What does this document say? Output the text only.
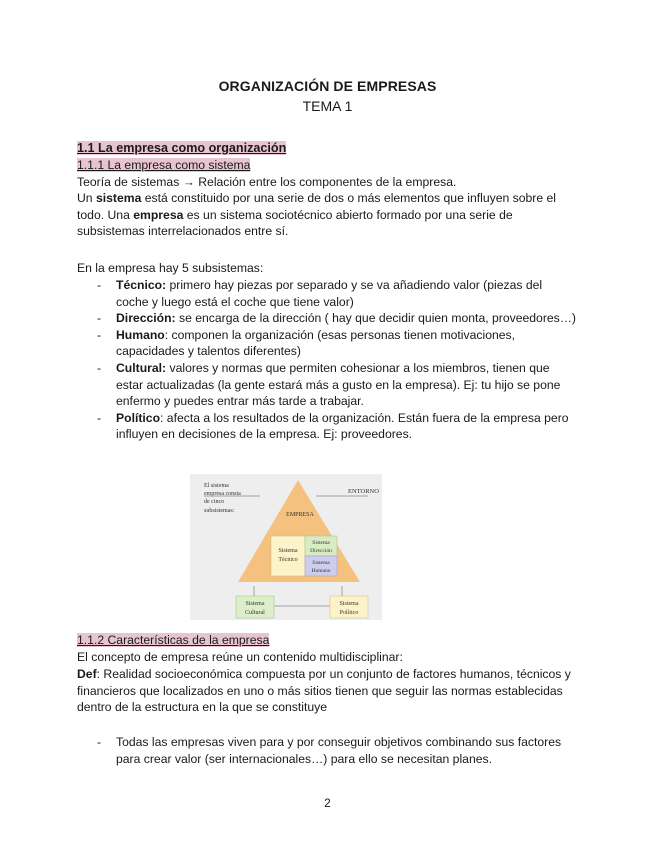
ORGANIZACIÓN DE EMPRESAS
TEMA 1
1.1 La empresa como organización
1.1.1 La empresa como sistema
Teoría de sistemas → Relación entre los componentes de la empresa.
Un sistema está constituido por una serie de dos o más elementos que influyen sobre el todo. Una empresa es un sistema sociotécnico abierto formado por una serie de subsistemas interrelacionados entre sí.
En la empresa hay 5 subsistemas:
- Técnico: primero hay piezas por separado y se va añadiendo valor (piezas del coche y luego está el coche que tiene valor)
- Dirección: se encarga de la dirección ( hay que decidir quien monta, proveedores…)
- Humano: componen la organización (esas personas tienen motivaciones, capacidades y talentos diferentes)
- Cultural: valores y normas que permiten cohesionar a los miembros, tienen que estar actualizadas (la gente estará más a gusto en la empresa). Ej: tu hijo se pone enfermo y puedes entrar más tarde a trabajar.
- Político: afecta a los resultados de la organización. Están fuera de la empresa pero influyen en decisiones de la empresa. Ej: proveedores.
El sistema
empresa consta
de cinco
subsistemas:
ENTORNO
EMPRESA
Sistema
Técnico
Sistema
Dirección
Sistema
Humano
Sistema
Cultural
Sistema
Político
1.1.2 Características de la empresa
El concepto de empresa reúne un contenido multidisciplinar:
Def: Realidad socioeconómica compuesta por un conjunto de factores humanos, técnicos y financieros que localizados en uno o más sitios tienen que seguir las normas establecidas dentro de la estructura en la que se constituye
- Todas las empresas viven para y por conseguir objetivos combinando sus factores para crear valor (ser internacionales…) para ello se necesitan planes.
2
